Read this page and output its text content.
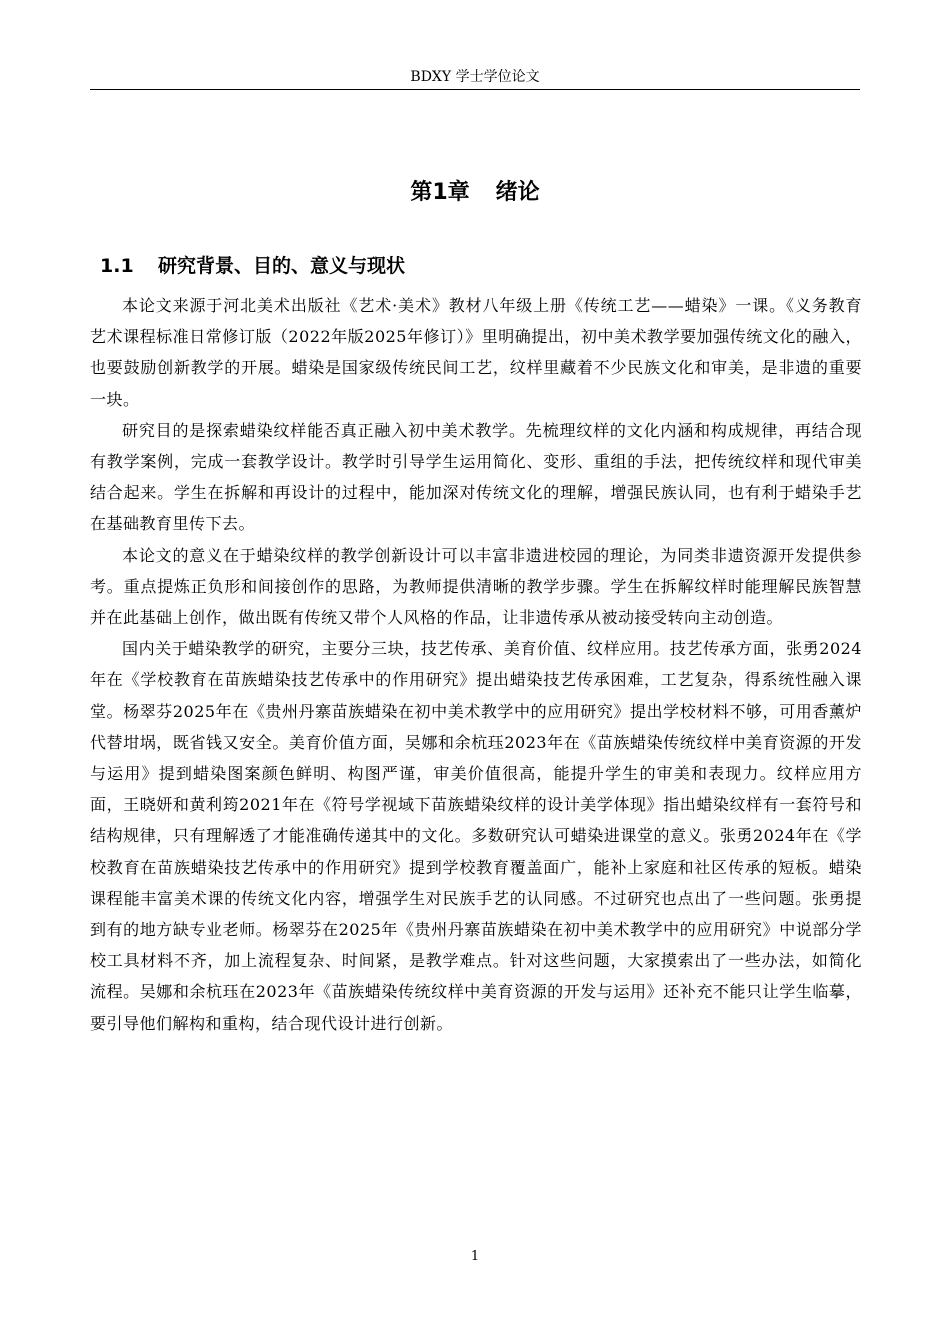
BDXY 学士学位论文
第1章 绪论
1.1 研究背景、目的、意义与现状

本论文来源于河北美术出版社《艺术·美术》教材八年级上册《传统工艺——蜡染》一课。《义务教育艺术课程标准日常修订版（2022年版2025年修订）》里明确提出，初中美术教学要加强传统文化的融入，也要鼓励创新教学的开展。蜡染是国家级传统民间工艺，纹样里藏着不少民族文化和审美，是非遗的重要一块。

研究目的是探索蜡染纹样能否真正融入初中美术教学。先梳理纹样的文化内涵和构成规律，再结合现有教学案例，完成一套教学设计。教学时引导学生运用简化、变形、重组的手法，把传统纹样和现代审美结合起来。学生在拆解和再设计的过程中，能加深对传统文化的理解，增强民族认同，也有利于蜡染手艺在基础教育里传下去。

本论文的意义在于蜡染纹样的教学创新设计可以丰富非遗进校园的理论，为同类非遗资源开发提供参考。重点提炼正负形和间接创作的思路，为教师提供清晰的教学步骤。学生在拆解纹样时能理解民族智慧并在此基础上创作，做出既有传统又带个人风格的作品，让非遗传承从被动接受转向主动创造。

国内关于蜡染教学的研究，主要分三块，技艺传承、美育价值、纹样应用。技艺传承方面，张勇2024年在《学校教育在苗族蜡染技艺传承中的作用研究》提出蜡染技艺传承困难，工艺复杂，得系统性融入课堂。杨翠芬2025年在《贵州丹寨苗族蜡染在初中美术教学中的应用研究》提出学校材料不够，可用香薰炉代替坩埚，既省钱又安全。美育价值方面，吴娜和余杭珏2023年在《苗族蜡染传统纹样中美育资源的开发与运用》提到蜡染图案颜色鲜明、构图严谨，审美价值很高，能提升学生的审美和表现力。纹样应用方面，王晓妍和黄利筠2021年在《符号学视域下苗族蜡染纹样的设计美学体现》指出蜡染纹样有一套符号和结构规律，只有理解透了才能准确传递其中的文化。多数研究认可蜡染进课堂的意义。张勇2024年在《学校教育在苗族蜡染技艺传承中的作用研究》提到学校教育覆盖面广，能补上家庭和社区传承的短板。蜡染课程能丰富美术课的传统文化内容，增强学生对民族手艺的认同感。不过研究也点出了一些问题。张勇提到有的地方缺专业老师。杨翠芬在2025年《贵州丹寨苗族蜡染在初中美术教学中的应用研究》中说部分学校工具材料不齐，加上流程复杂、时间紧，是教学难点。针对这些问题，大家摸索出了一些办法，如简化流程。吴娜和余杭珏在2023年《苗族蜡染传统纹样中美育资源的开发与运用》还补充不能只让学生临摹，要引导他们解构和重构，结合现代设计进行创新。

1
